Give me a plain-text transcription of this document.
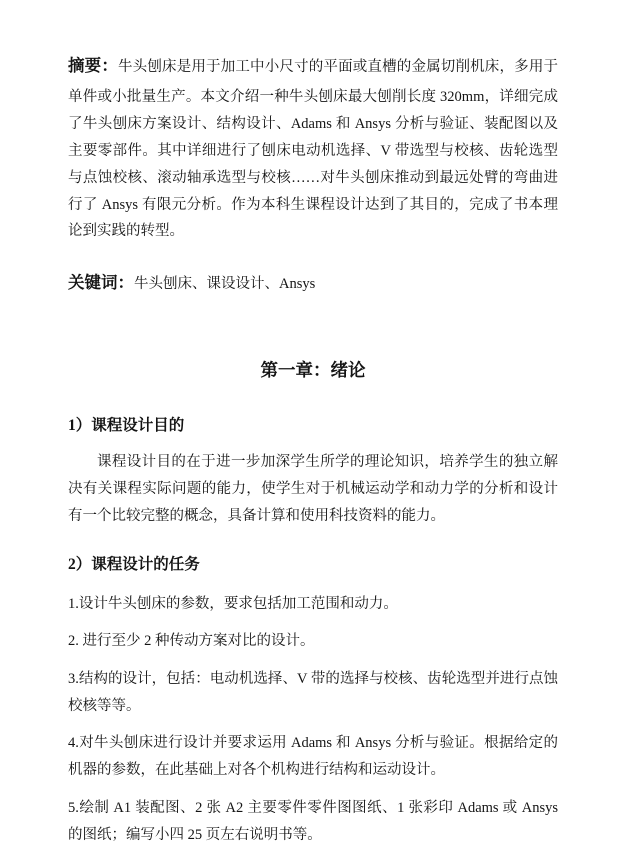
摘要：牛头刨床是用于加工中小尺寸的平面或直槽的金属切削机床，多用于单件或小批量生产。本文介绍一种牛头刨床最大刨削长度 320mm，详细完成了牛头刨床方案设计、结构设计、Adams 和 Ansys 分析与验证、装配图以及主要零部件。其中详细进行了刨床电动机选择、V 带选型与校核、齿轮选型与点蚀校核、滚动轴承选型与校核……对牛头刨床推动到最远处臂的弯曲进行了 Ansys 有限元分析。作为本科生课程设计达到了其目的，完成了书本理论到实践的转型。

关键词：牛头刨床、课设设计、Ansys

第一章：绪论

1）课程设计目的

课程设计目的在于进一步加深学生所学的理论知识，培养学生的独立解决有关课程实际问题的能力，使学生对于机械运动学和动力学的分析和设计有一个比较完整的概念，具备计算和使用科技资料的能力。

2）课程设计的任务

1.设计牛头刨床的参数，要求包括加工范围和动力。

2. 进行至少 2 种传动方案对比的设计。

3.结构的设计，包括：电动机选择、V 带的选择与校核、齿轮选型并进行点蚀校核等等。

4.对牛头刨床进行设计并要求运用 Adams 和 Ansys 分析与验证。根据给定的机器的参数，在此基础上对各个机构进行结构和运动设计。

5.绘制 A1 装配图、2 张 A2 主要零件零件图图纸、1 张彩印 Adams 或 Ansys 的图纸；编写小四 25 页左右说明书等。
